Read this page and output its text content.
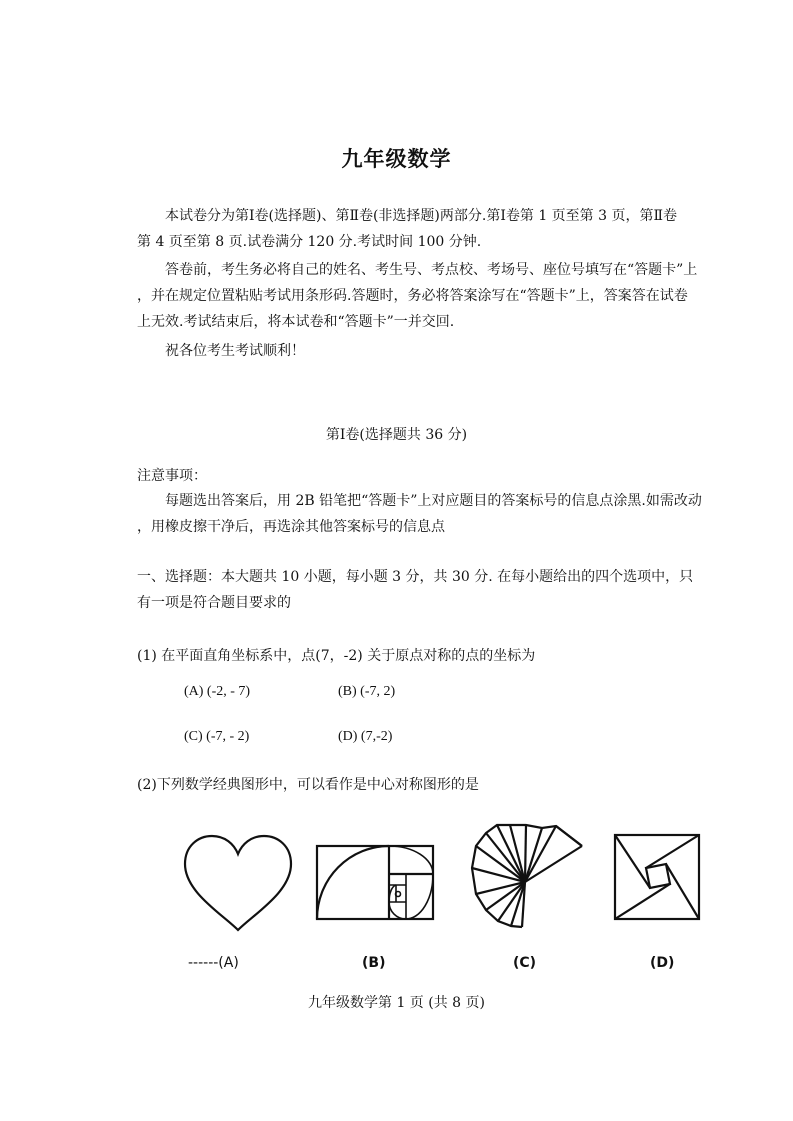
九年级数学
本试卷分为第Ⅰ卷(选择题)、第Ⅱ卷(非选择题)两部分.第Ⅰ卷第 1 页至第 3 页，第Ⅱ卷
第 4 页至第 8 页.试卷满分 120 分.考试时间 100 分钟.
答卷前，考生务必将自己的姓名、考生号、考点校、考场号、座位号填写在“答题卡”上
，并在规定位置粘贴考试用条形码.答题时，务必将答案涂写在“答题卡”上，答案答在试卷
上无效.考试结束后，将本试卷和“答题卡”一并交回.
祝各位考生考试顺利！
第Ⅰ卷(选择题共 36 分)
注意事项：
每题选出答案后，用 2B 铅笔把“答题卡”上对应题目的答案标号的信息点涂黑.如需改动
，用橡皮擦干净后，再选涂其他答案标号的信息点
一、选择题：本大题共 10 小题，每小题 3 分，共 30 分. 在每小题给出的四个选项中，只
有一项是符合题目要求的
(1) 在平面直角坐标系中，点(7，-2) 关于原点对称的点的坐标为
(A) (-2, - 7)	(B) (-7, 2)
(C) (-7, - 2)	(D) (7,-2)
(2)下列数学经典图形中，可以看作是中心对称图形的是
------(A)	(B)	(C)	(D)
九年级数学第 1 页 (共 8 页)
